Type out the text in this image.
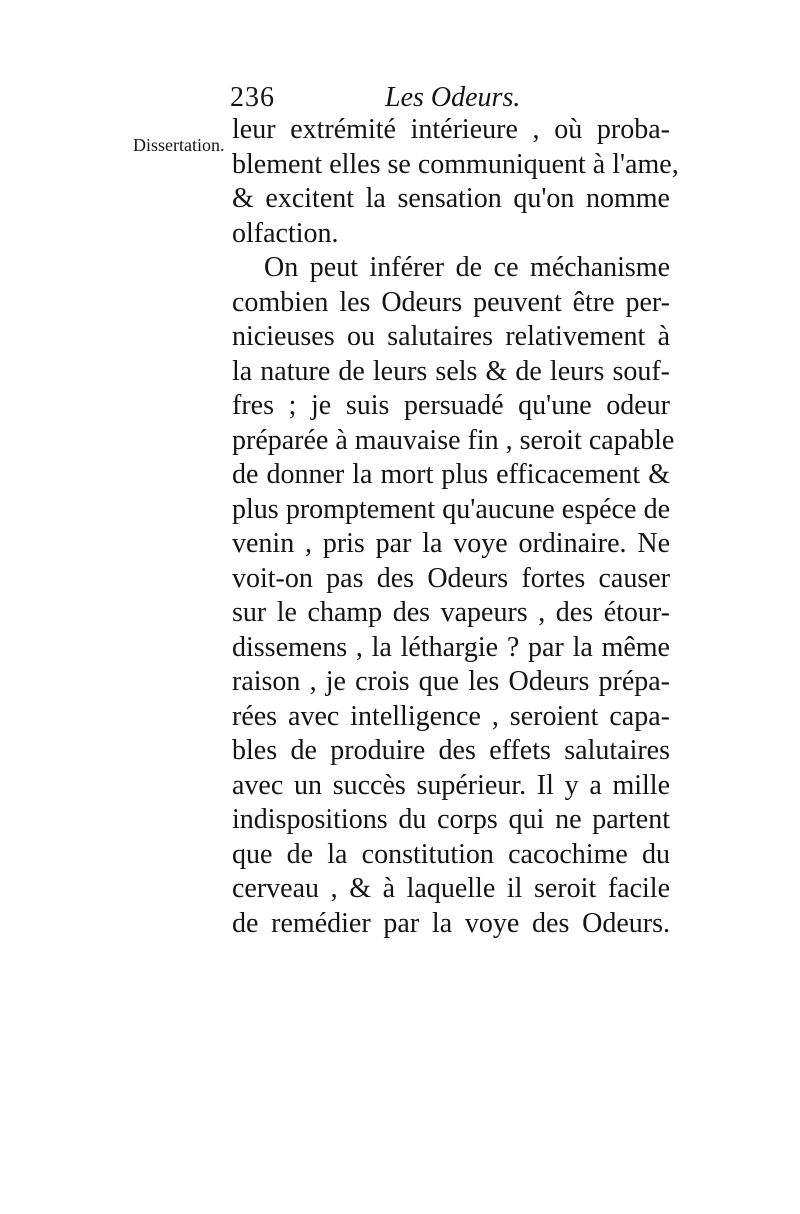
236	Les Odeurs.
Dissertation. leur extrémité intérieure , où proba-
blement elles se communiquent à l'ame,
& excitent la sensation qu'on nomme
olfaction.
On peut inférer de ce méchanisme
combien les Odeurs peuvent être per-
nicieuses ou salutaires relativement à
la nature de leurs sels & de leurs souf-
fres ; je suis persuadé qu'une odeur
préparée à mauvaise fin , seroit capable
de donner la mort plus efficacement &
plus promptement qu'aucune espéce de
venin , pris par la voye ordinaire. Ne
voit-on pas des Odeurs fortes causer
sur le champ des vapeurs , des étour-
dissemens , la léthargie ? par la même
raison , je crois que les Odeurs prépa-
rées avec intelligence , seroient capa-
bles de produire des effets salutaires
avec un succès supérieur. Il y a mille
indispositions du corps qui ne partent
que de la constitution cacochime du
cerveau , & à laquelle il seroit facile
de remédier par la voye des Odeurs.
